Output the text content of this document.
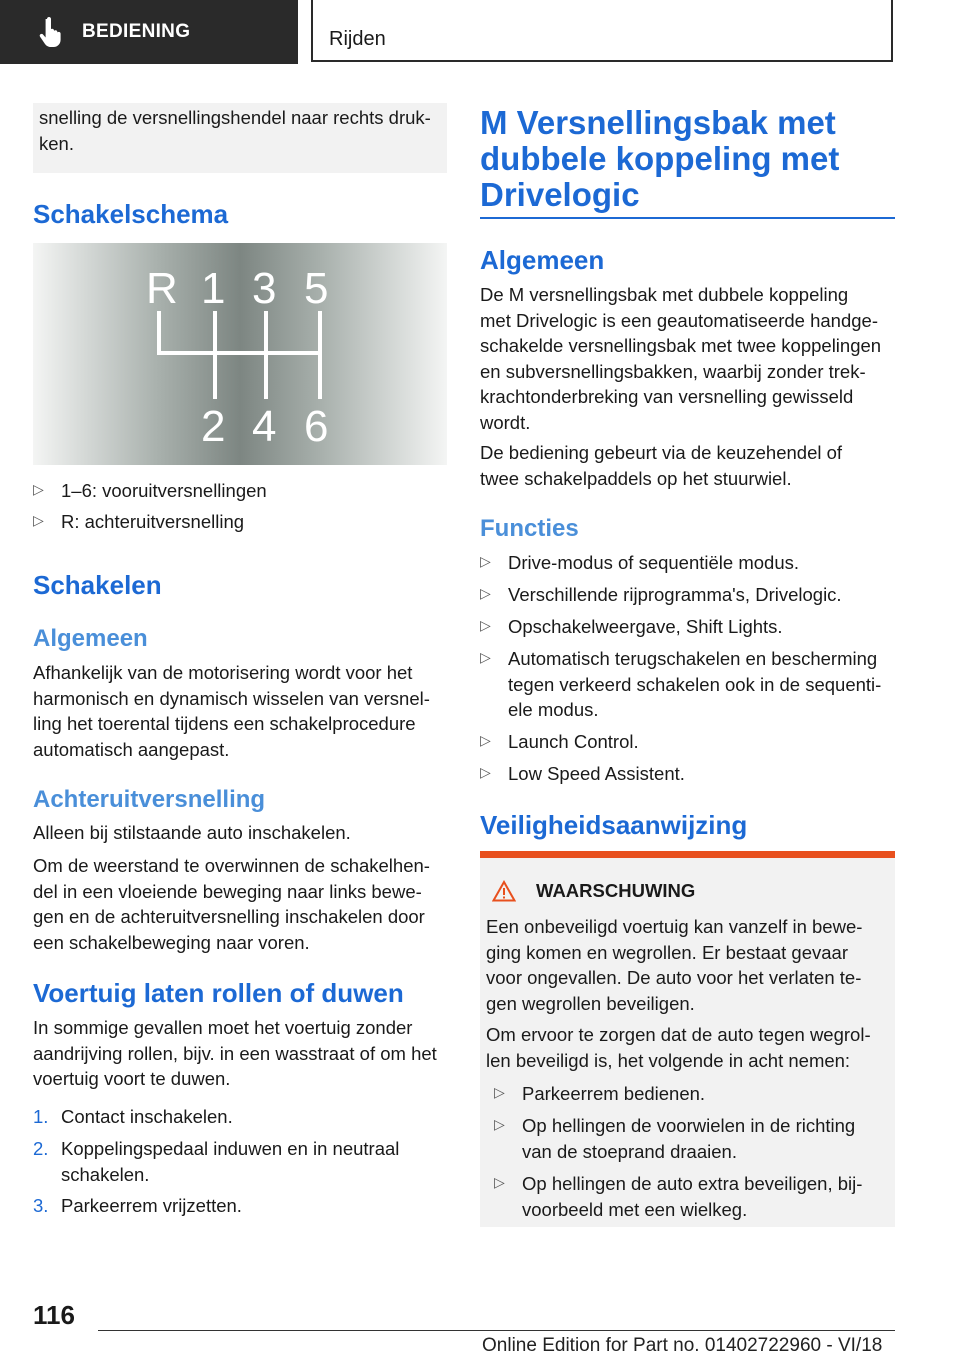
BEDIENING	Rijden

snelling de versnellingshendel naar rechts druk-

ken.

Schakelschema
R 1 3 5
2 4 6
▷ 1–6: vooruitversnellingen
▷ R: achteruitversnelling
Schakelen
Algemeen

Afhankelijk van de motorisering wordt voor het

harmonisch en dynamisch wisselen van versnel-

ling het toerental tijdens een schakelprocedure

automatisch aangepast.

Achteruitversnelling

Alleen bij stilstaande auto inschakelen.

Om de weerstand te overwinnen de schakelhen-

del in een vloeiende beweging naar links bewe-

gen en de achteruitversnelling inschakelen door

een schakelbeweging naar voren.

Voertuig laten rollen of duwen

In sommige gevallen moet het voertuig zonder

aandrijving rollen, bijv. in een wasstraat of om het

voertuig voort te duwen.

1. Contact inschakelen.
2. Koppelingspedaal induwen en in neutraal
schakelen.
3. Parkeerrem vrijzetten.
M Versnellingsbak met
dubbele koppeling met
Drivelogic
Algemeen

De M versnellingsbak met dubbele koppeling

met Drivelogic is een geautomatiseerde handge-

schakelde versnellingsbak met twee koppelingen

en subversnellingsbakken, waarbij zonder trek-

krachtonderbreking van versnelling gewisseld

wordt.

De bediening gebeurt via de keuzehendel of

twee schakelpaddels op het stuurwiel.

Functies
▷ Drive-modus of sequentiële modus.
▷ Verschillende rijprogramma's, Drivelogic.
▷ Opschakelweergave, Shift Lights.
▷ Automatisch terugschakelen en bescherming
tegen verkeerd schakelen ook in de sequenti-
ele modus.
▷ Launch Control.
▷ Low Speed Assistent.
Veiligheidsaanwijzing
WAARSCHUWING

Een onbeveiligd voertuig kan vanzelf in bewe-

ging komen en wegrollen. Er bestaat gevaar

voor ongevallen. De auto voor het verlaten te-

gen wegrollen beveiligen.

Om ervoor te zorgen dat de auto tegen wegrol-

len beveiligd is, het volgende in acht nemen:

▷ Parkeerrem bedienen.
▷ Op hellingen de voorwielen in de richting
van de stoeprand draaien.
▷ Op hellingen de auto extra beveiligen, bij-
voorbeeld met een wielkeg.
116
Online Edition for Part no. 01402722960 - VI/18
